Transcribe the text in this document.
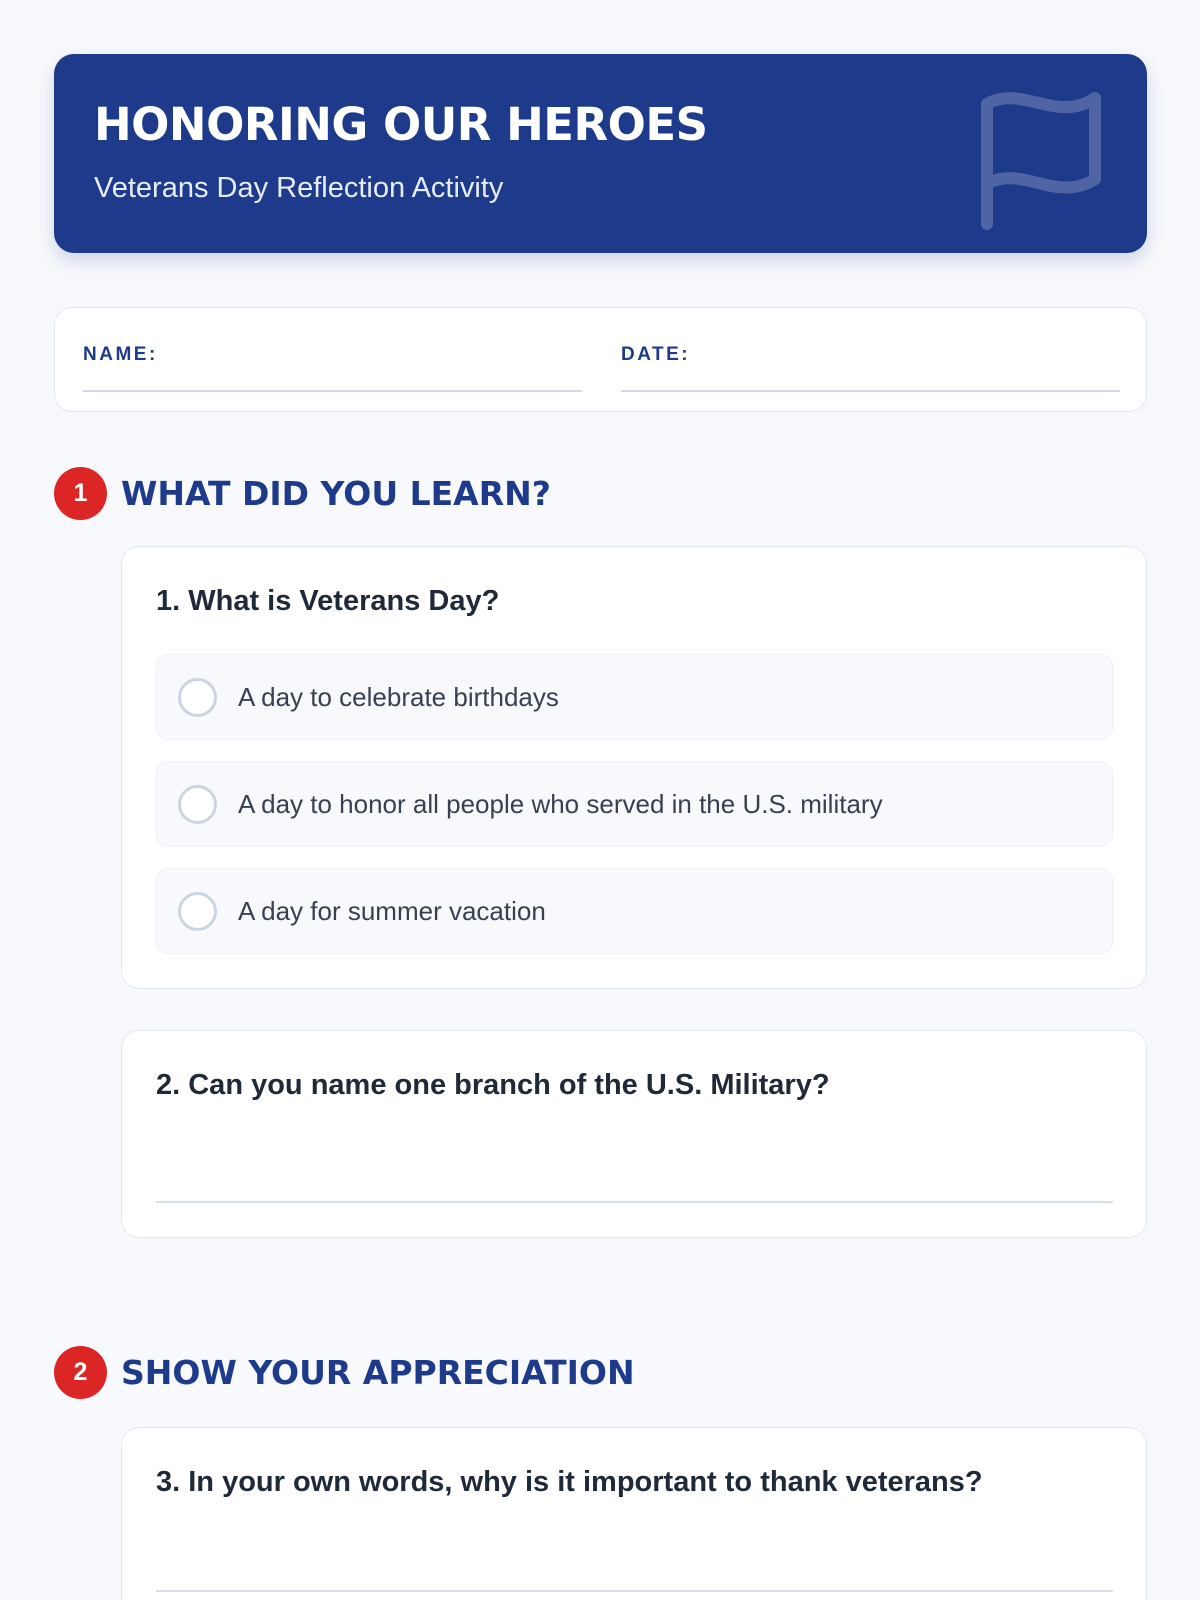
HONORING OUR HEROES
Veterans Day Reflection Activity
NAME:	DATE:
1	WHAT DID YOU LEARN?
1. What is Veterans Day?
A day to celebrate birthdays
A day to honor all people who served in the U.S. military
A day for summer vacation
2. Can you name one branch of the U.S. Military?
2	SHOW YOUR APPRECIATION
3. In your own words, why is it important to thank veterans?
